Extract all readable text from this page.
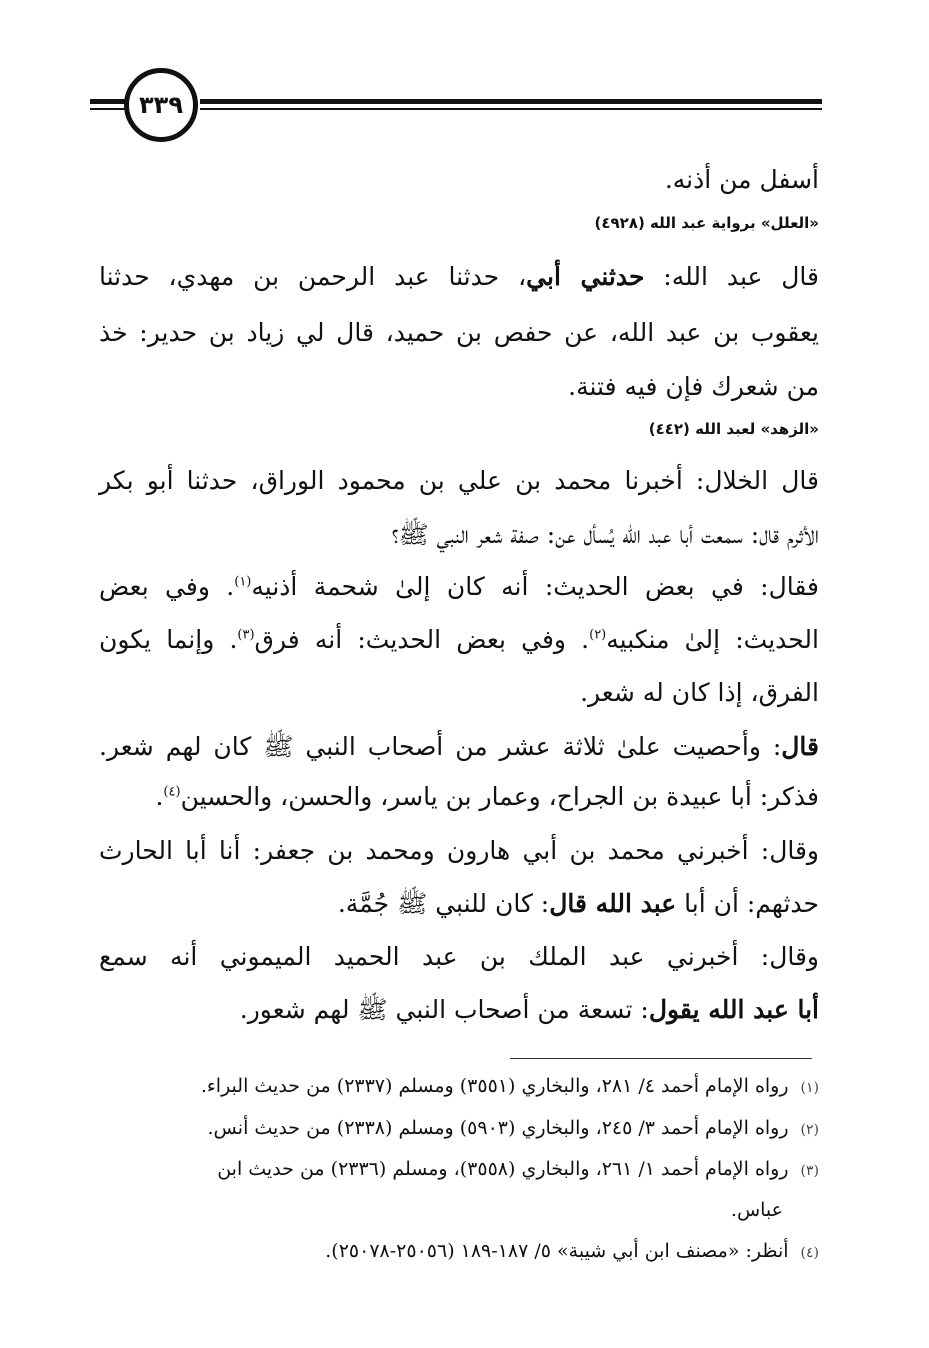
٣٣٩
أسفل من أذنه.
«العلل» برواية عبد الله (٤٩٢٨)
قال عبد الله: حدثني أبي، حدثنا عبد الرحمن بن مهدي، حدثنا
يعقوب بن عبد الله، عن حفص بن حميد، قال لي زياد بن حدير: خذ
من شعرك فإن فيه فتنة.
«الزهد» لعبد الله (٤٤٢)
قال الخلال: أخبرنا محمد بن علي بن محمود الوراق، حدثنا أبو بكر
الأثرم قال: سمعت أبا عبد الله يُسأل عن: صفة شعر النبي ﷺ؟
فقال: في بعض الحديث: أنه كان إلىٰ شحمة أذنيه$^{(١)}$. وفي بعض
الحديث: إلىٰ منكبيه$^{(٢)}$. وفي بعض الحديث: أنه فرق$^{(٣)}$. وإنما يكون
الفرق، إذا كان له شعر.
قال: وأحصيت علىٰ ثلاثة عشر من أصحاب النبي ﷺ كان لهم شعر.
فذكر: أبا عبيدة بن الجراح، وعمار بن ياسر، والحسن، والحسين$^{(٤)}$.
وقال: أخبرني محمد بن أبي هارون ومحمد بن جعفر: أنا أبا الحارث
حدثهم: أن أبا عبد الله قال: كان للنبي ﷺ جُمَّة.
وقال: أخبرني عبد الملك بن عبد الحميد الميموني أنه سمع
أبا عبد الله يقول: تسعة من أصحاب النبي ﷺ لهم شعور.
(١)رواه الإمام أحمد ٤/ ٢٨١، والبخاري (٣٥٥١) ومسلم (٢٣٣٧) من حديث البراء.
(٢)رواه الإمام أحمد ٣/ ٢٤٥، والبخاري (٥٩٠٣) ومسلم (٢٣٣٨) من حديث أنس.
(٣)رواه الإمام أحمد ١/ ٢٦١، والبخاري (٣٥٥٨)، ومسلم (٢٣٣٦) من حديث ابن
عباس.
(٤)أنظر: «مصنف ابن أبي شيبة» ٥/ ١٨٧-١٨٩ (٢٥٠٥٦-٢٥٠٧٨).
